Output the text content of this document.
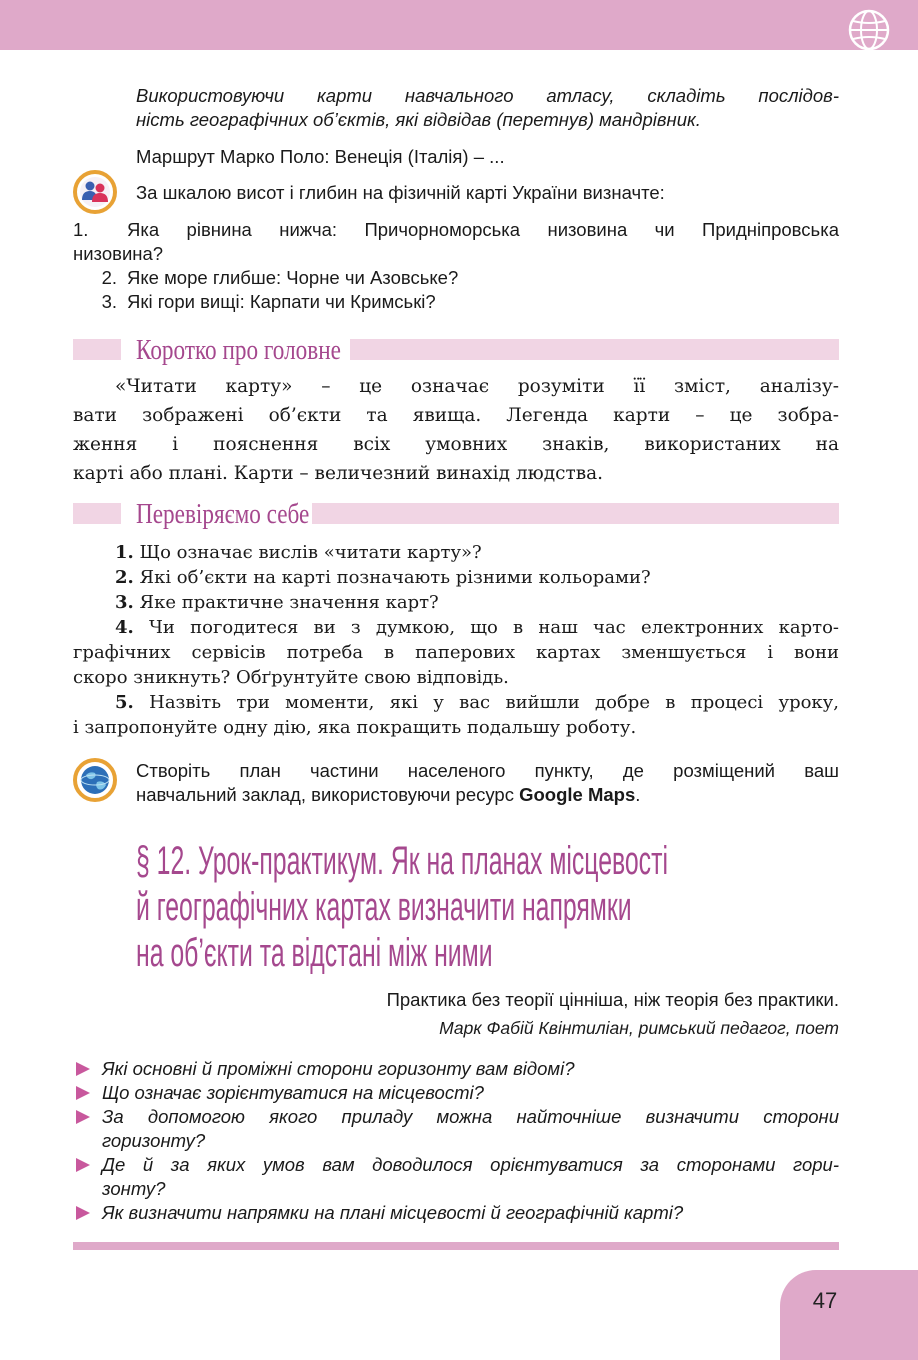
Використовуючи карти навчального атласу, складіть послідов-

ність географічних об’єктів, які відвідав (перетнув) мандрівник.

Маршрут Марко Поло: Венеція (Італія) – ...

За шкалою висот і глибин на фізичній карті України визначте:

1. Яка рівнина нижча: Причорноморська низовина чи Придніпровська

низовина?

2. Яке море глибше: Чорне чи Азовське?

3. Які гори вищі: Карпати чи Кримські?

Коротко про головне

«Читати карту» – це означає розуміти її зміст, аналізу-

вати зображені об’єкти та явища. Легенда карти – це зобра-

ження і пояснення всіх умовних знаків, використаних на

карті або плані. Карти – величезний винахід людства.

Перевіряємо себе

1. Що означає вислів «читати карту»?

2. Які об’єкти на карті позначають різними кольорами?

3. Яке практичне значення карт?

4. Чи погодитеся ви з думкою, що в наш час електронних карто-

графічних сервісів потреба в паперових картах зменшується і вони

скоро зникнуть? Обґрунтуйте свою відповідь.

5. Назвіть три моменти, які у вас вийшли добре в процесі уроку,

і запропонуйте одну дію, яка покращить подальшу роботу.

Створіть план частини населеного пункту, де розміщений ваш

навчальний заклад, використовуючи ресурс Google Maps.

§ 12. Урок-практикум. Як на планах місцевості
й географічних картах визначити напрямки
на об’єкти та відстані між ними

Практика без теорії цінніша, ніж теорія без практики.

Марк Фабій Квінтиліан, римський педагог, поет

Які основні й проміжні сторони горизонту вам відомі?

Що означає зорієнтуватися на місцевості?

За допомогою якого приладу можна найточніше визначити сторони

горизонту?

Де й за яких умов вам доводилося орієнтуватися за сторонами гори-

зонту?

Як визначити напрямки на плані місцевості й географічній карті?

47
